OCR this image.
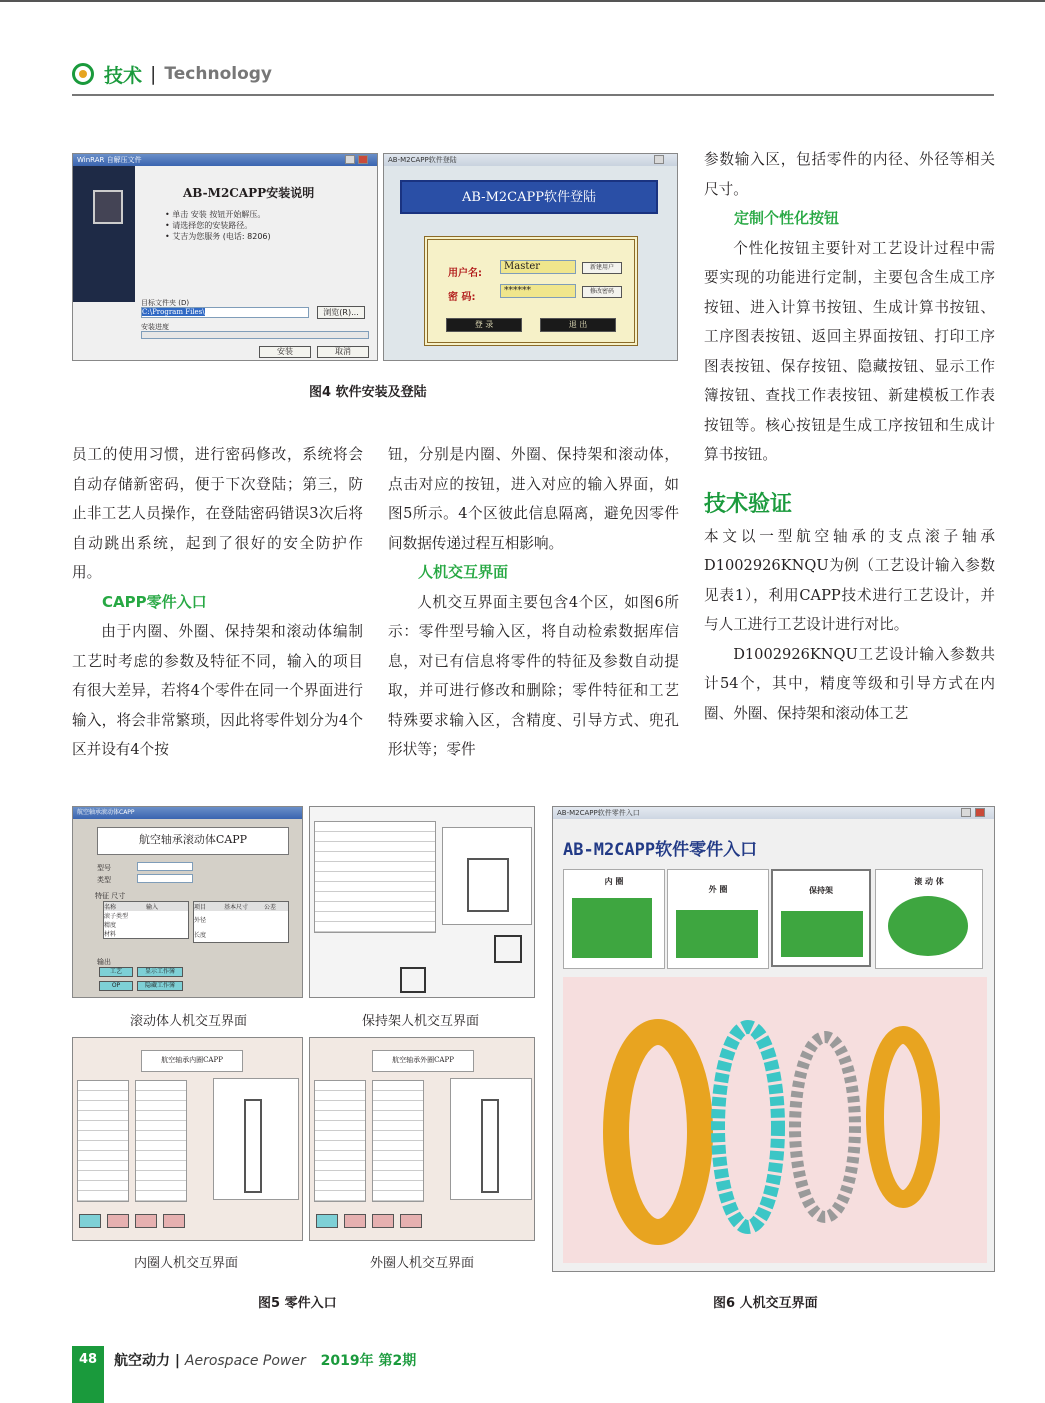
技术 | Technology
WinRAR 自解压文件
AB-M2CAPP安装说明
• 单击 安装 按钮开始解压。
• 请选择您的安装路径。
• 艾吉为您服务 (电话: 8206)
目标文件夹 (D)
C:\Program Files\	浏览(R)...
安装进度
安装	取消
AB-M2CAPP软件登陆
AB-M2CAPP软件登陆
用户名:
Master	新建用户
密 码:
******	修改密码
登 录	退 出
图4 软件安装及登陆

员工的使用习惯，进行密码修改，系统将会自动存储新密码，便于下次登陆；第三，防止非工艺人员操作，在登陆密码错误3次后将自动跳出系统，起到了很好的安全防护作用。

CAPP零件入口

由于内圈、外圈、保持架和滚动体编制工艺时考虑的参数及特征不同，输入的项目有很大差异，若将4个零件在同一个界面进行输入，将会非常繁琐，因此将零件划分为4个区并设有4个按

钮，分别是内圈、外圈、保持架和滚动体，点击对应的按钮，进入对应的输入界面，如图5所示。4个区彼此信息隔离，避免因零件间数据传递过程互相影响。

人机交互界面

人机交互界面主要包含4个区，如图6所示：零件型号输入区，将自动检索数据库信息，对已有信息将零件的特征及参数自动提取，并可进行修改和删除；零件特征和工艺特殊要求输入区，含精度、引导方式、兜孔形状等；零件

参数输入区，包括零件的内径、外径等相关尺寸。

定制个性化按钮

个性化按钮主要针对工艺设计过程中需要实现的功能进行定制，主要包含生成工序按钮、进入计算书按钮、生成计算书按钮、工序图表按钮、返回主界面按钮、打印工序图表按钮、保存按钮、隐藏按钮、显示工作簿按钮、查找工作表按钮、新建模板工作表按钮等。核心按钮是生成工序按钮和生成计算书按钮。

技术验证

本文以一型航空轴承的支点滚子轴承D1002926KNQU为例（工艺设计输入参数见表1），利用CAPP技术进行工艺设计，并与人工进行工艺设计进行对比。

D1002926KNQU工艺设计输入参数共计54个，其中，精度等级和引导方式在内圈、外圈、保持架和滚动体工艺

航空轴承滚动体CAPP
航空轴承滚动体CAPP
型号
类型
特征 尺寸
名称	输入
滚子类型
精度
材料
项目	基本尺寸	公差
外径
长度
输出
工艺	显示工作簿
OP	隐藏工作簿
滚动体人机交互界面	保持架人机交互界面
航空轴承内圈CAPP	航空轴承外圈CAPP
内圈人机交互界面	外圈人机交互界面
图5 零件入口
AB-M2CAPP软件零件入口
AB-M2CAPP软件零件入口
内 圈
外 圈	保持架
滚 动 体
图6 人机交互界面
48	航空动力 | Aerospace Power 2019年 第2期
